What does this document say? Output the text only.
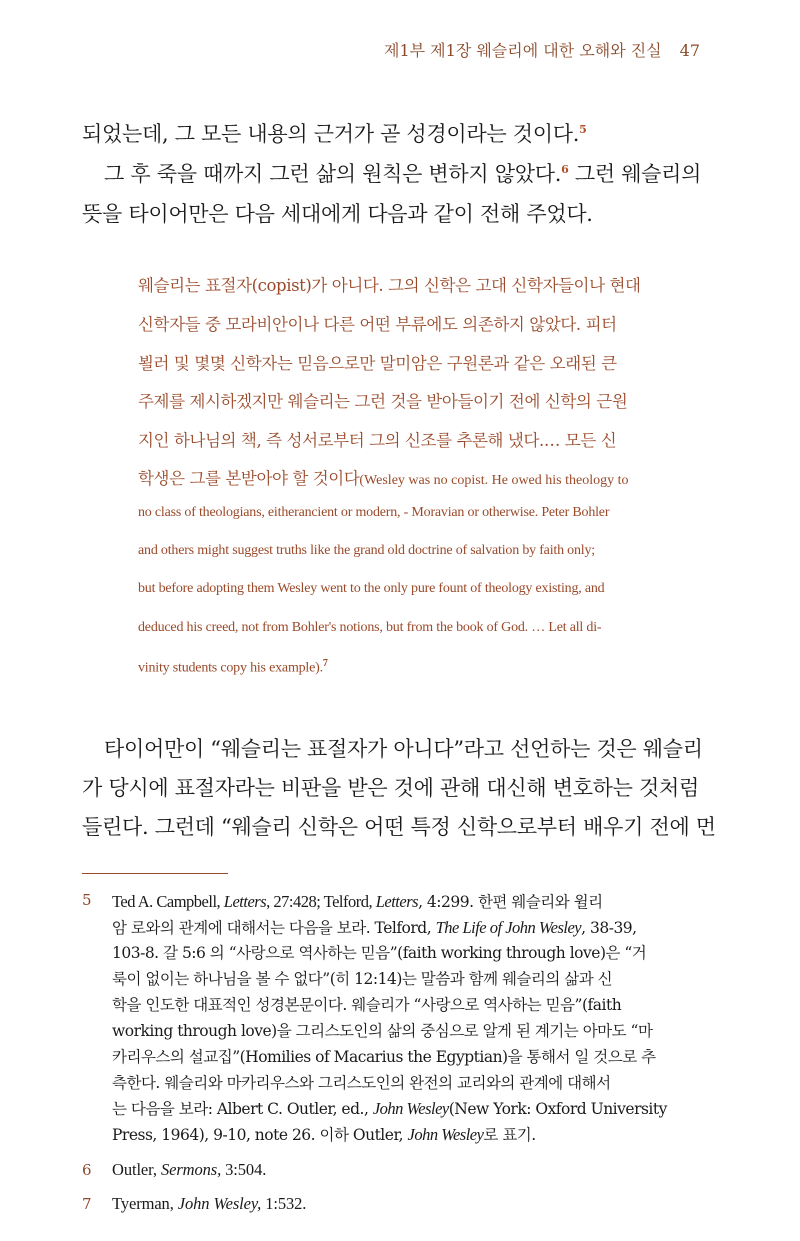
제1부 제1장 웨슬리에 대한 오해와 진실 47
되었는데, 그 모든 내용의 근거가 곧 성경이라는 것이다.$^5$
그 후 죽을 때까지 그런 삶의 원칙은 변하지 않았다.$^6$ 그런 웨슬리의
뜻을 타이어만은 다음 세대에게 다음과 같이 전해 주었다.
웨슬리는 표절자(copist)가 아니다. 그의 신학은 고대 신학자들이나 현대
신학자들 중 모라비안이나 다른 어떤 부류에도 의존하지 않았다. 피터
뵐러 및 몇몇 신학자는 믿음으로만 말미암은 구원론과 같은 오래된 큰
주제를 제시하겠지만 웨슬리는 그런 것을 받아들이기 전에 신학의 근원
지인 하나님의 책, 즉 성서로부터 그의 신조를 추론해 냈다.… 모든 신
학생은 그를 본받아야 할 것이다(Wesley was no copist. He owed his theology to
no class of theologians, eitherancient or modern, - Moravian or otherwise. Peter Bohler
and others might suggest truths like the grand old doctrine of salvation by faith only;
but before adopting them Wesley went to the only pure fount of theology existing, and
deduced his creed, not from Bohler's notions, but from the book of God. … Let all di-
vinity students copy his example).$^7$
타이어만이 “웨슬리는 표절자가 아니다”라고 선언하는 것은 웨슬리
가 당시에 표절자라는 비판을 받은 것에 관해 대신해 변호하는 것처럼
들린다. 그런데 “웨슬리 신학은 어떤 특정 신학으로부터 배우기 전에 먼
5 Ted A. Campbell, Letters, 27:428; Telford, Letters, 4:299. 한편 웨슬리와 윌리
암 로와의 관계에 대해서는 다음을 보라. Telford, The Life of John Wesley, 38-39,
103-8. 갈 5:6 의 “사랑으로 역사하는 믿음”(faith working through love)은 “거
룩이 없이는 하나님을 볼 수 없다”(히 12:14)는 말씀과 함께 웨슬리의 삶과 신
학을 인도한 대표적인 성경본문이다. 웨슬리가 “사랑으로 역사하는 믿음”(faith
working through love)을 그리스도인의 삶의 중심으로 알게 된 계기는 아마도 “마
카리우스의 설교집”(Homilies of Macarius the Egyptian)을 통해서 일 것으로 추
측한다. 웨슬리와 마카리우스와 그리스도인의 완전의 교리와의 관계에 대해서
는 다음을 보라: Albert C. Outler, ed., John Wesley(New York: Oxford University
Press, 1964), 9-10, note 26. 이하 Outler, John Wesley로 표기.
6 Outler, Sermons, 3:504.
7 Tyerman, John Wesley, 1:532.
